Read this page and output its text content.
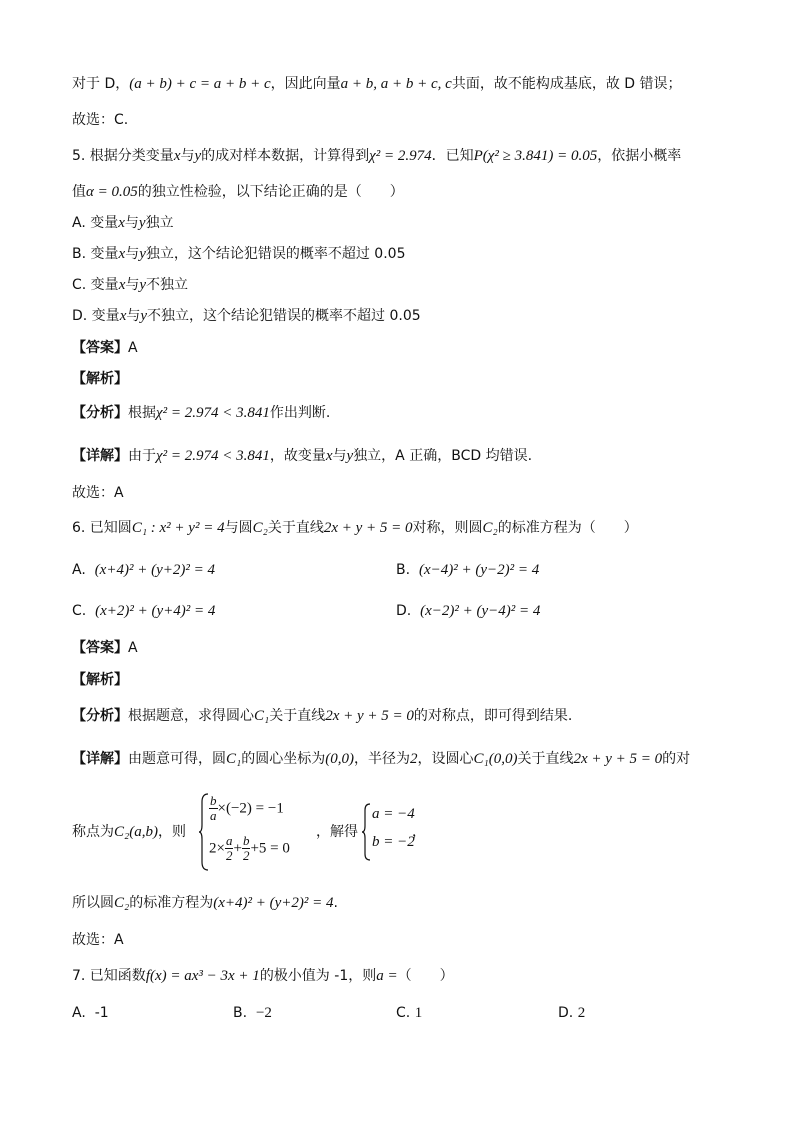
对于 D，(a + b) + c = a + b + c，因此向量a + b, a + b + c, c共面，故不能构成基底，故 D 错误；
故选：C.
5. 根据分类变量x与y的成对样本数据，计算得到χ² = 2.974．已知P(χ² ≥ 3.841) = 0.05，依据小概率
值α = 0.05的独立性检验，以下结论正确的是（　　）
A. 变量x与y独立
B. 变量x与y独立，这个结论犯错误的概率不超过 0.05
C. 变量x与y不独立
D. 变量x与y不独立，这个结论犯错误的概率不超过 0.05
【答案】A
【解析】
【分析】根据χ² = 2.974 < 3.841作出判断.
【详解】由于χ² = 2.974 < 3.841，故变量x与y独立，A 正确，BCD 均错误.
故选：A
6. 已知圆C₁ : x² + y² = 4与圆C₂关于直线2x + y + 5 = 0对称，则圆C₂的标准方程为（　　）
A. (x+4)² + (y+2)² = 4	B. (x−4)² + (y−2)² = 4
C. (x+2)² + (y+4)² = 4	D. (x−2)² + (y−4)² = 4
【答案】A
【解析】
【分析】根据题意，求得圆心C₁关于直线2x + y + 5 = 0的对称点，即可得到结果.
【详解】由题意可得，圆C₁的圆心坐标为(0,0)，半径为2，设圆心C₁(0,0)关于直线2x + y + 5 = 0的对
称点为C₂(a,b)，则
$\frac{b}{a} \times(-2) = -1$
$2\times \frac{a}{2} + \frac{b}{2} +5 = 0$
，解得
a = −4
b = −2
，
所以圆C₂的标准方程为(x+4)² + (y+2)² = 4.
故选：A
7. 已知函数f(x) = ax³ − 3x + 1的极小值为 -1，则a =（　　）
A. -1	B. −2	C. 1	D. 2
